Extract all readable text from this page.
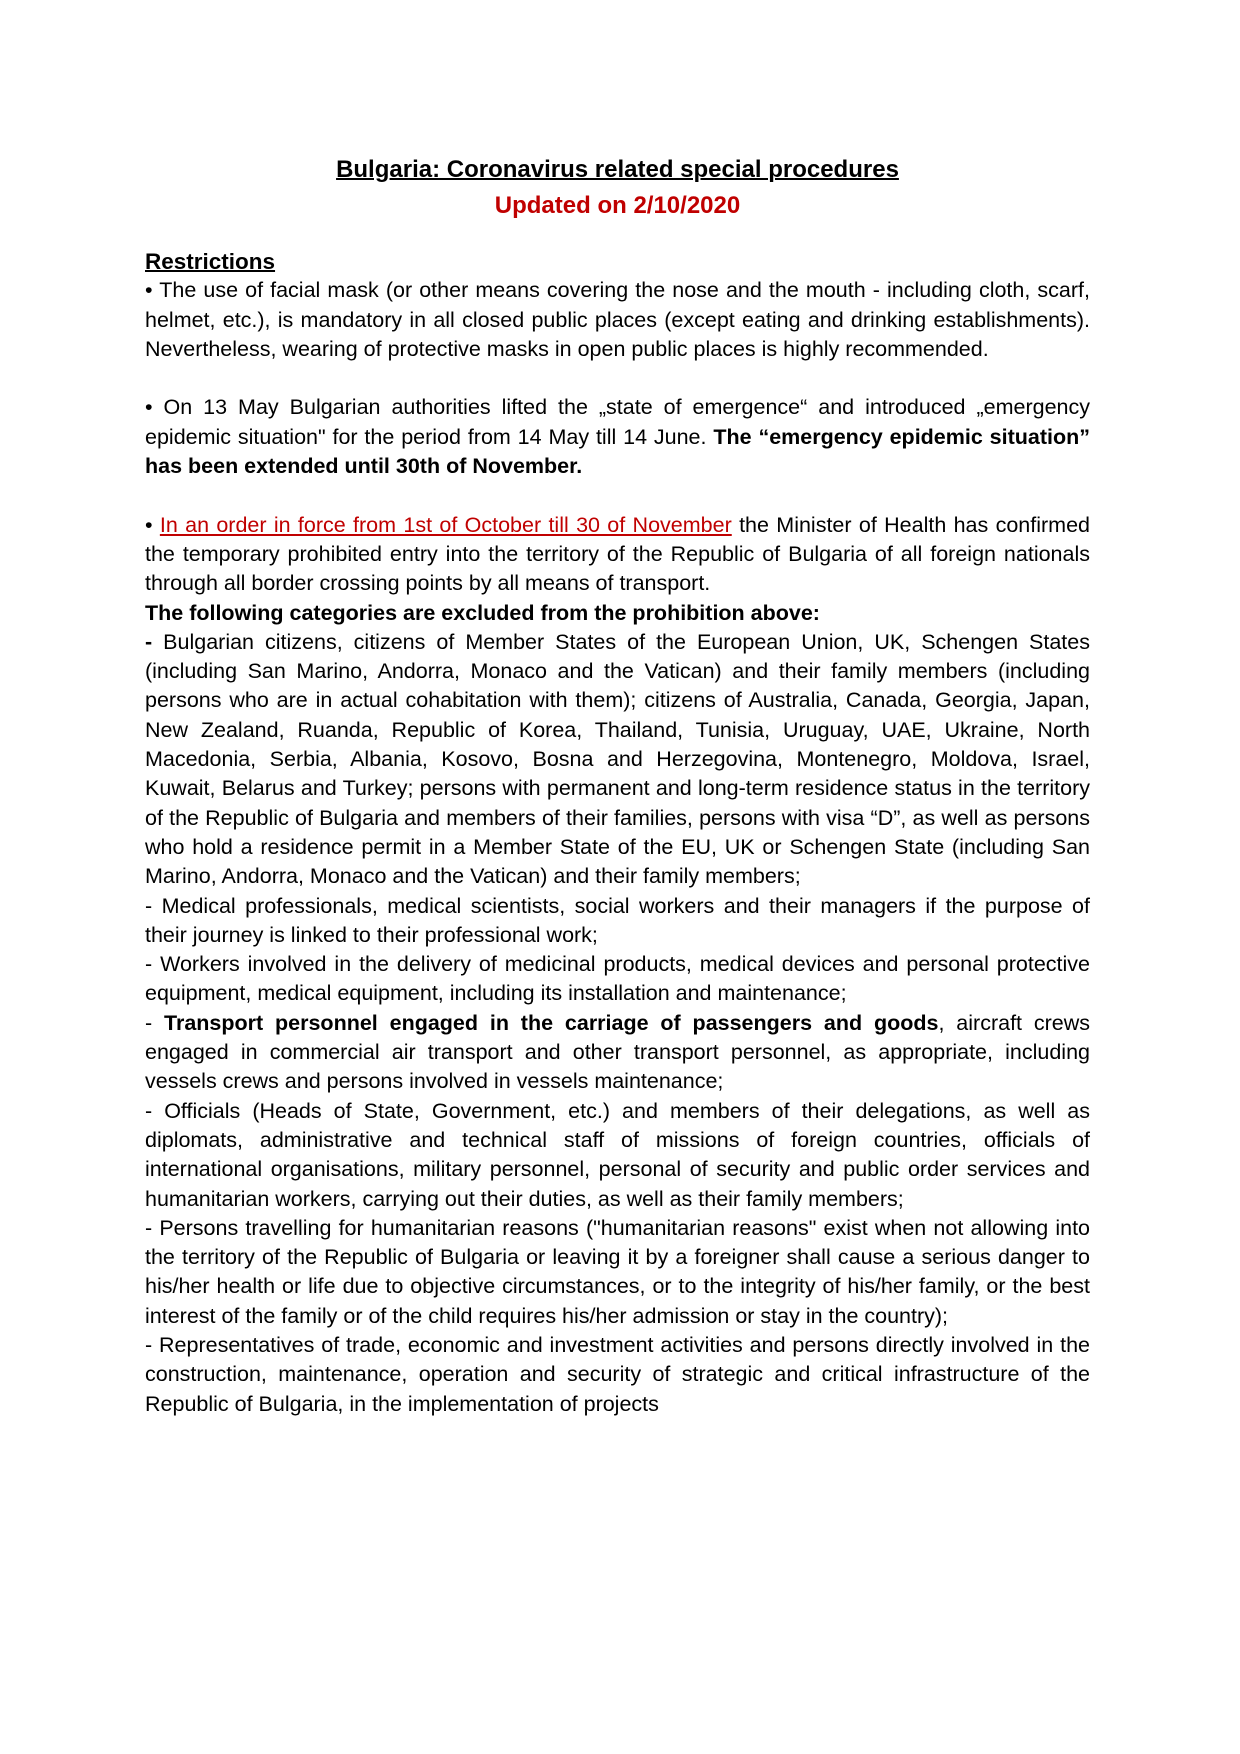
Bulgaria: Coronavirus related special procedures
Updated on 2/10/2020
Restrictions

• The use of facial mask (or other means covering the nose and the mouth - including cloth, scarf, helmet, etc.), is mandatory in all closed public places (except eating and drinking establishments). Nevertheless, wearing of protective masks in open public places is highly recommended.

• On 13 May Bulgarian authorities lifted the „state of emergence“ and introduced „emergency epidemic situation" for the period from 14 May till 14 June. The “emergency epidemic situation” has been extended until 30th of November.

• In an order in force from 1st of October till 30 of November the Minister of Health has confirmed the temporary prohibited entry into the territory of the Republic of Bulgaria of all foreign nationals through all border crossing points by all means of transport.

The following categories are excluded from the prohibition above:

- Bulgarian citizens, citizens of Member States of the European Union, UK, Schengen States (including San Marino, Andorra, Monaco and the Vatican) and their family members (including persons who are in actual cohabitation with them); citizens of Australia, Canada, Georgia, Japan, New Zealand, Ruanda, Republic of Korea, Thailand, Tunisia, Uruguay, UAE, Ukraine, North Macedonia, Serbia, Albania, Kosovo, Bosna and Herzegovina, Montenegro, Moldova, Israel, Kuwait, Belarus and Turkey; persons with permanent and long-term residence status in the territory of the Republic of Bulgaria and members of their families, persons with visa “D”, as well as persons who hold a residence permit in a Member State of the EU, UK or Schengen State (including San Marino, Andorra, Monaco and the Vatican) and their family members;

- Medical professionals, medical scientists, social workers and their managers if the purpose of their journey is linked to their professional work;

- Workers involved in the delivery of medicinal products, medical devices and personal protective equipment, medical equipment, including its installation and maintenance;

- Transport personnel engaged in the carriage of passengers and goods, aircraft crews engaged in commercial air transport and other transport personnel, as appropriate, including vessels crews and persons involved in vessels maintenance;

- Officials (Heads of State, Government, etc.) and members of their delegations, as well as diplomats, administrative and technical staff of missions of foreign countries, officials of international organisations, military personnel, personal of security and public order services and humanitarian workers, carrying out their duties, as well as their family members;

- Persons travelling for humanitarian reasons ("humanitarian reasons" exist when not allowing into the territory of the Republic of Bulgaria or leaving it by a foreigner shall cause a serious danger to his/her health or life due to objective circumstances, or to the integrity of his/her family, or the best interest of the family or of the child requires his/her admission or stay in the country);

- Representatives of trade, economic and investment activities and persons directly involved in the construction, maintenance, operation and security of strategic and critical infrastructure of the Republic of Bulgaria, in the implementation of projects
